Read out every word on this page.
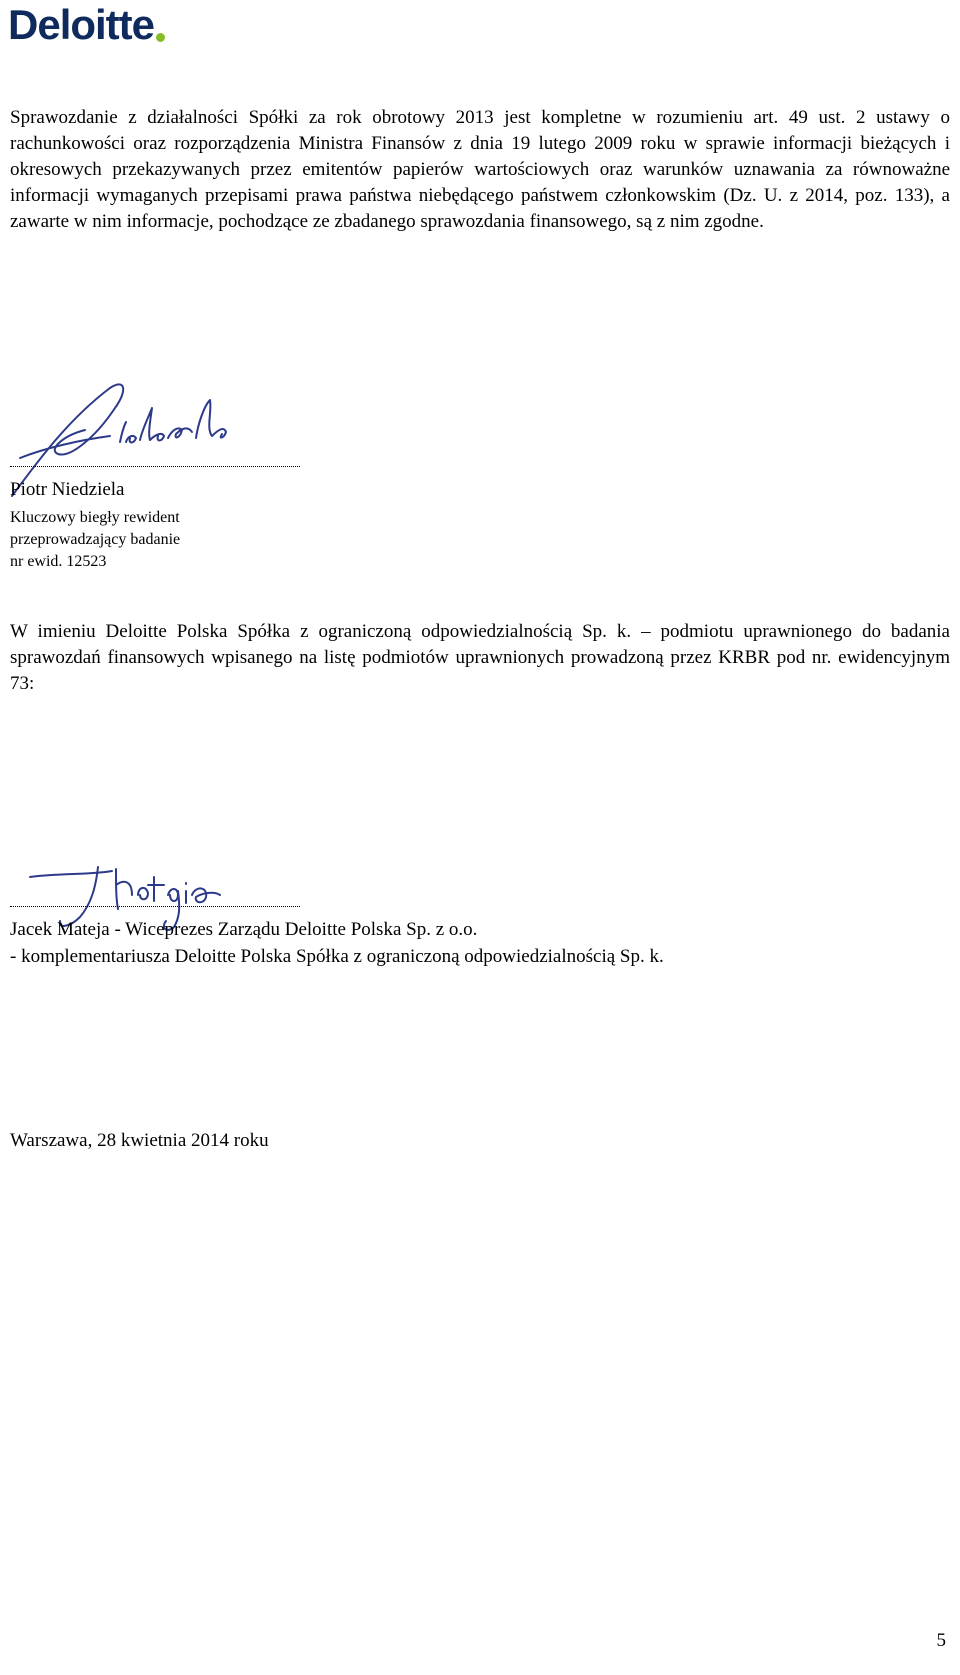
Deloitte

Sprawozdanie z działalności Spółki za rok obrotowy 2013 jest kompletne w rozumieniu art. 49 ust. 2 ustawy o rachunkowości oraz rozporządzenia Ministra Finansów z dnia 19 lutego 2009 roku w sprawie informacji bieżących i okresowych przekazywanych przez emitentów papierów wartościowych oraz warunków uznawania za równoważne informacji wymaganych przepisami prawa państwa niebędącego państwem członkowskim (Dz. U. z 2014, poz. 133), a zawarte w nim informacje, pochodzące ze zbadanego sprawozdania finansowego, są z nim zgodne.

Piotr Niedziela
Kluczowy biegły rewident
przeprowadzający badanie
nr ewid. 12523

W imieniu Deloitte Polska Spółka z ograniczoną odpowiedzialnością Sp. k. – podmiotu uprawnionego do badania sprawozdań finansowych wpisanego na listę podmiotów uprawnionych prowadzoną przez KRBR pod nr. ewidencyjnym 73:

Jacek Mateja - Wiceprezes Zarządu Deloitte Polska Sp. z o.o.
- komplementariusza Deloitte Polska Spółka z ograniczoną odpowiedzialnością Sp. k.
Warszawa, 28 kwietnia 2014 roku
5
